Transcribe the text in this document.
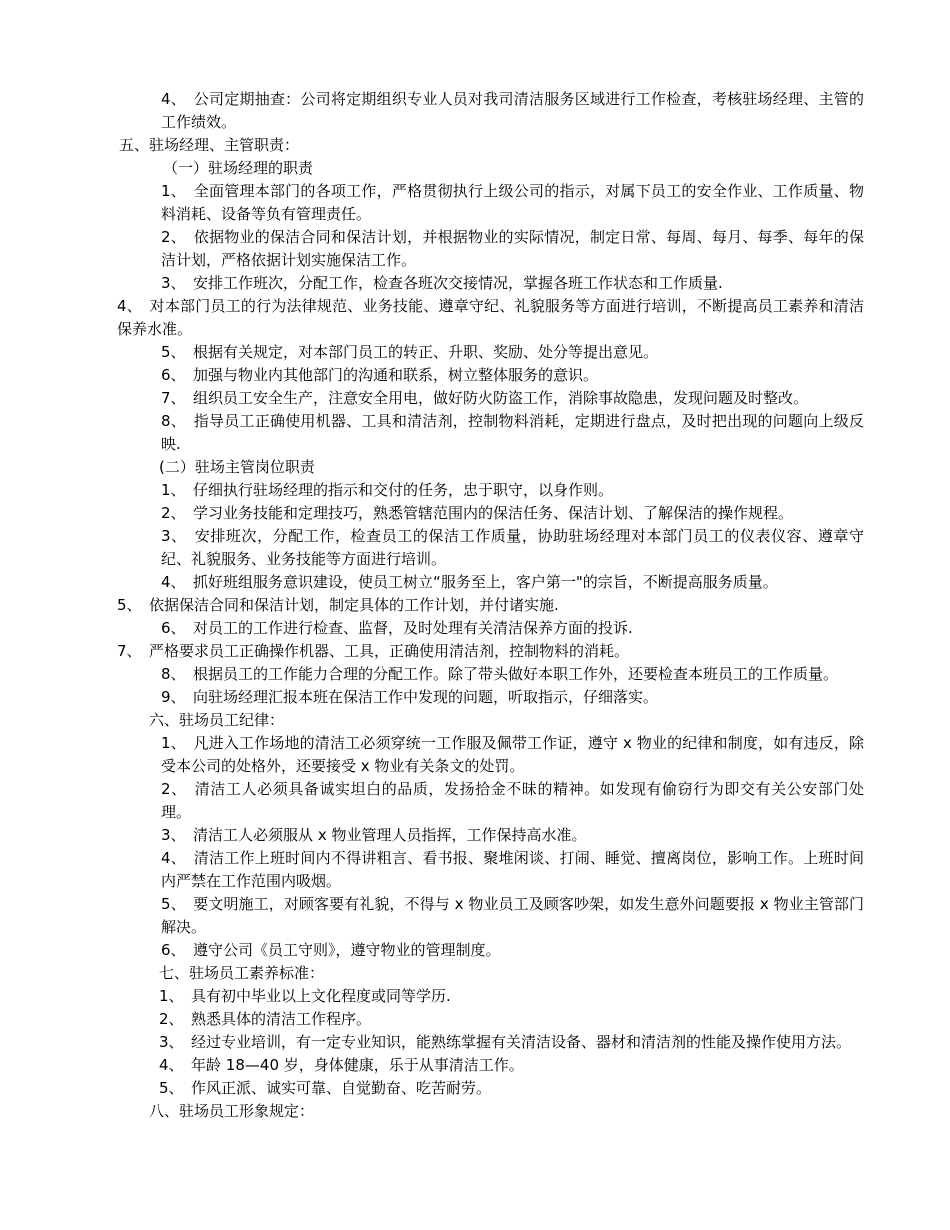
4、　公司定期抽查：公司将定期组织专业人员对我司清洁服务区域进行工作检查，考核驻场经理、主管的工作绩效。

五、驻场经理、主管职责：

（一）驻场经理的职责

1、　全面管理本部门的各项工作，严格贯彻执行上级公司的指示，对属下员工的安全作业、工作质量、物料消耗、设备等负有管理责任。

2、　依据物业的保洁合同和保洁计划，并根据物业的实际情况，制定日常、每周、每月、每季、每年的保洁计划，严格依据计划实施保洁工作。

3、　安排工作班次，分配工作，检查各班次交接情况，掌握各班工作状态和工作质量.

4、　对本部门员工的行为法律规范、业务技能、遵章守纪、礼貌服务等方面进行培训，不断提高员工素养和清洁保养水准。

5、　根据有关规定，对本部门员工的转正、升职、奖励、处分等提出意见。

6、　加强与物业内其他部门的沟通和联系，树立整体服务的意识。

7、　组织员工安全生产，注意安全用电，做好防火防盗工作，消除事故隐患，发现问题及时整改。

8、　指导员工正确使用机器、工具和清洁剂，控制物料消耗，定期进行盘点，及时把出现的问题向上级反映.

(二）驻场主管岗位职责

1、　仔细执行驻场经理的指示和交付的任务，忠于职守，以身作则。

2、　学习业务技能和定理技巧，熟悉管辖范围内的保洁任务、保洁计划、了解保洁的操作规程。

3、　安排班次，分配工作，检查员工的保洁工作质量，协助驻场经理对本部门员工的仪表仪容、遵章守纪、礼貌服务、业务技能等方面进行培训。

4、　抓好班组服务意识建设，使员工树立“服务至上，客户第一"的宗旨，不断提高服务质量。

5、　依据保洁合同和保洁计划，制定具体的工作计划，并付诸实施.

6、　对员工的工作进行检查、监督，及时处理有关清洁保养方面的投诉.

7、　严格要求员工正确操作机器、工具，正确使用清洁剂，控制物料的消耗。

8、　根据员工的工作能力合理的分配工作。除了带头做好本职工作外，还要检查本班员工的工作质量。

9、　向驻场经理汇报本班在保洁工作中发现的问题，听取指示，仔细落实。

六、驻场员工纪律：

1、　凡进入工作场地的清洁工必须穿统一工作服及佩带工作证，遵守 x 物业的纪律和制度，如有违反，除受本公司的处格外，还要接受 x 物业有关条文的处罚。

2、　清洁工人必须具备诚实坦白的品质，发扬拾金不昧的精神。如发现有偷窃行为即交有关公安部门处理。

3、　清洁工人必须服从 x 物业管理人员指挥，工作保持高水准。

4、　清洁工作上班时间内不得讲粗言、看书报、聚堆闲谈、打闹、睡觉、擅离岗位，影响工作。上班时间内严禁在工作范围内吸烟。

5、　要文明施工，对顾客要有礼貌，不得与 x 物业员工及顾客吵架，如发生意外问题要报 x 物业主管部门解决。

6、　遵守公司《员工守则》，遵守物业的管理制度。

七、驻场员工素养标准：

1、　具有初中毕业以上文化程度或同等学历.

2、　熟悉具体的清洁工作程序。

3、　经过专业培训，有一定专业知识，能熟练掌握有关清洁设备、器材和清洁剂的性能及操作使用方法。

4、　年龄 18—40 岁，身体健康，乐于从事清洁工作。

5、　作风正派、诚实可靠、自觉勤奋、吃苦耐劳。

八、驻场员工形象规定：
